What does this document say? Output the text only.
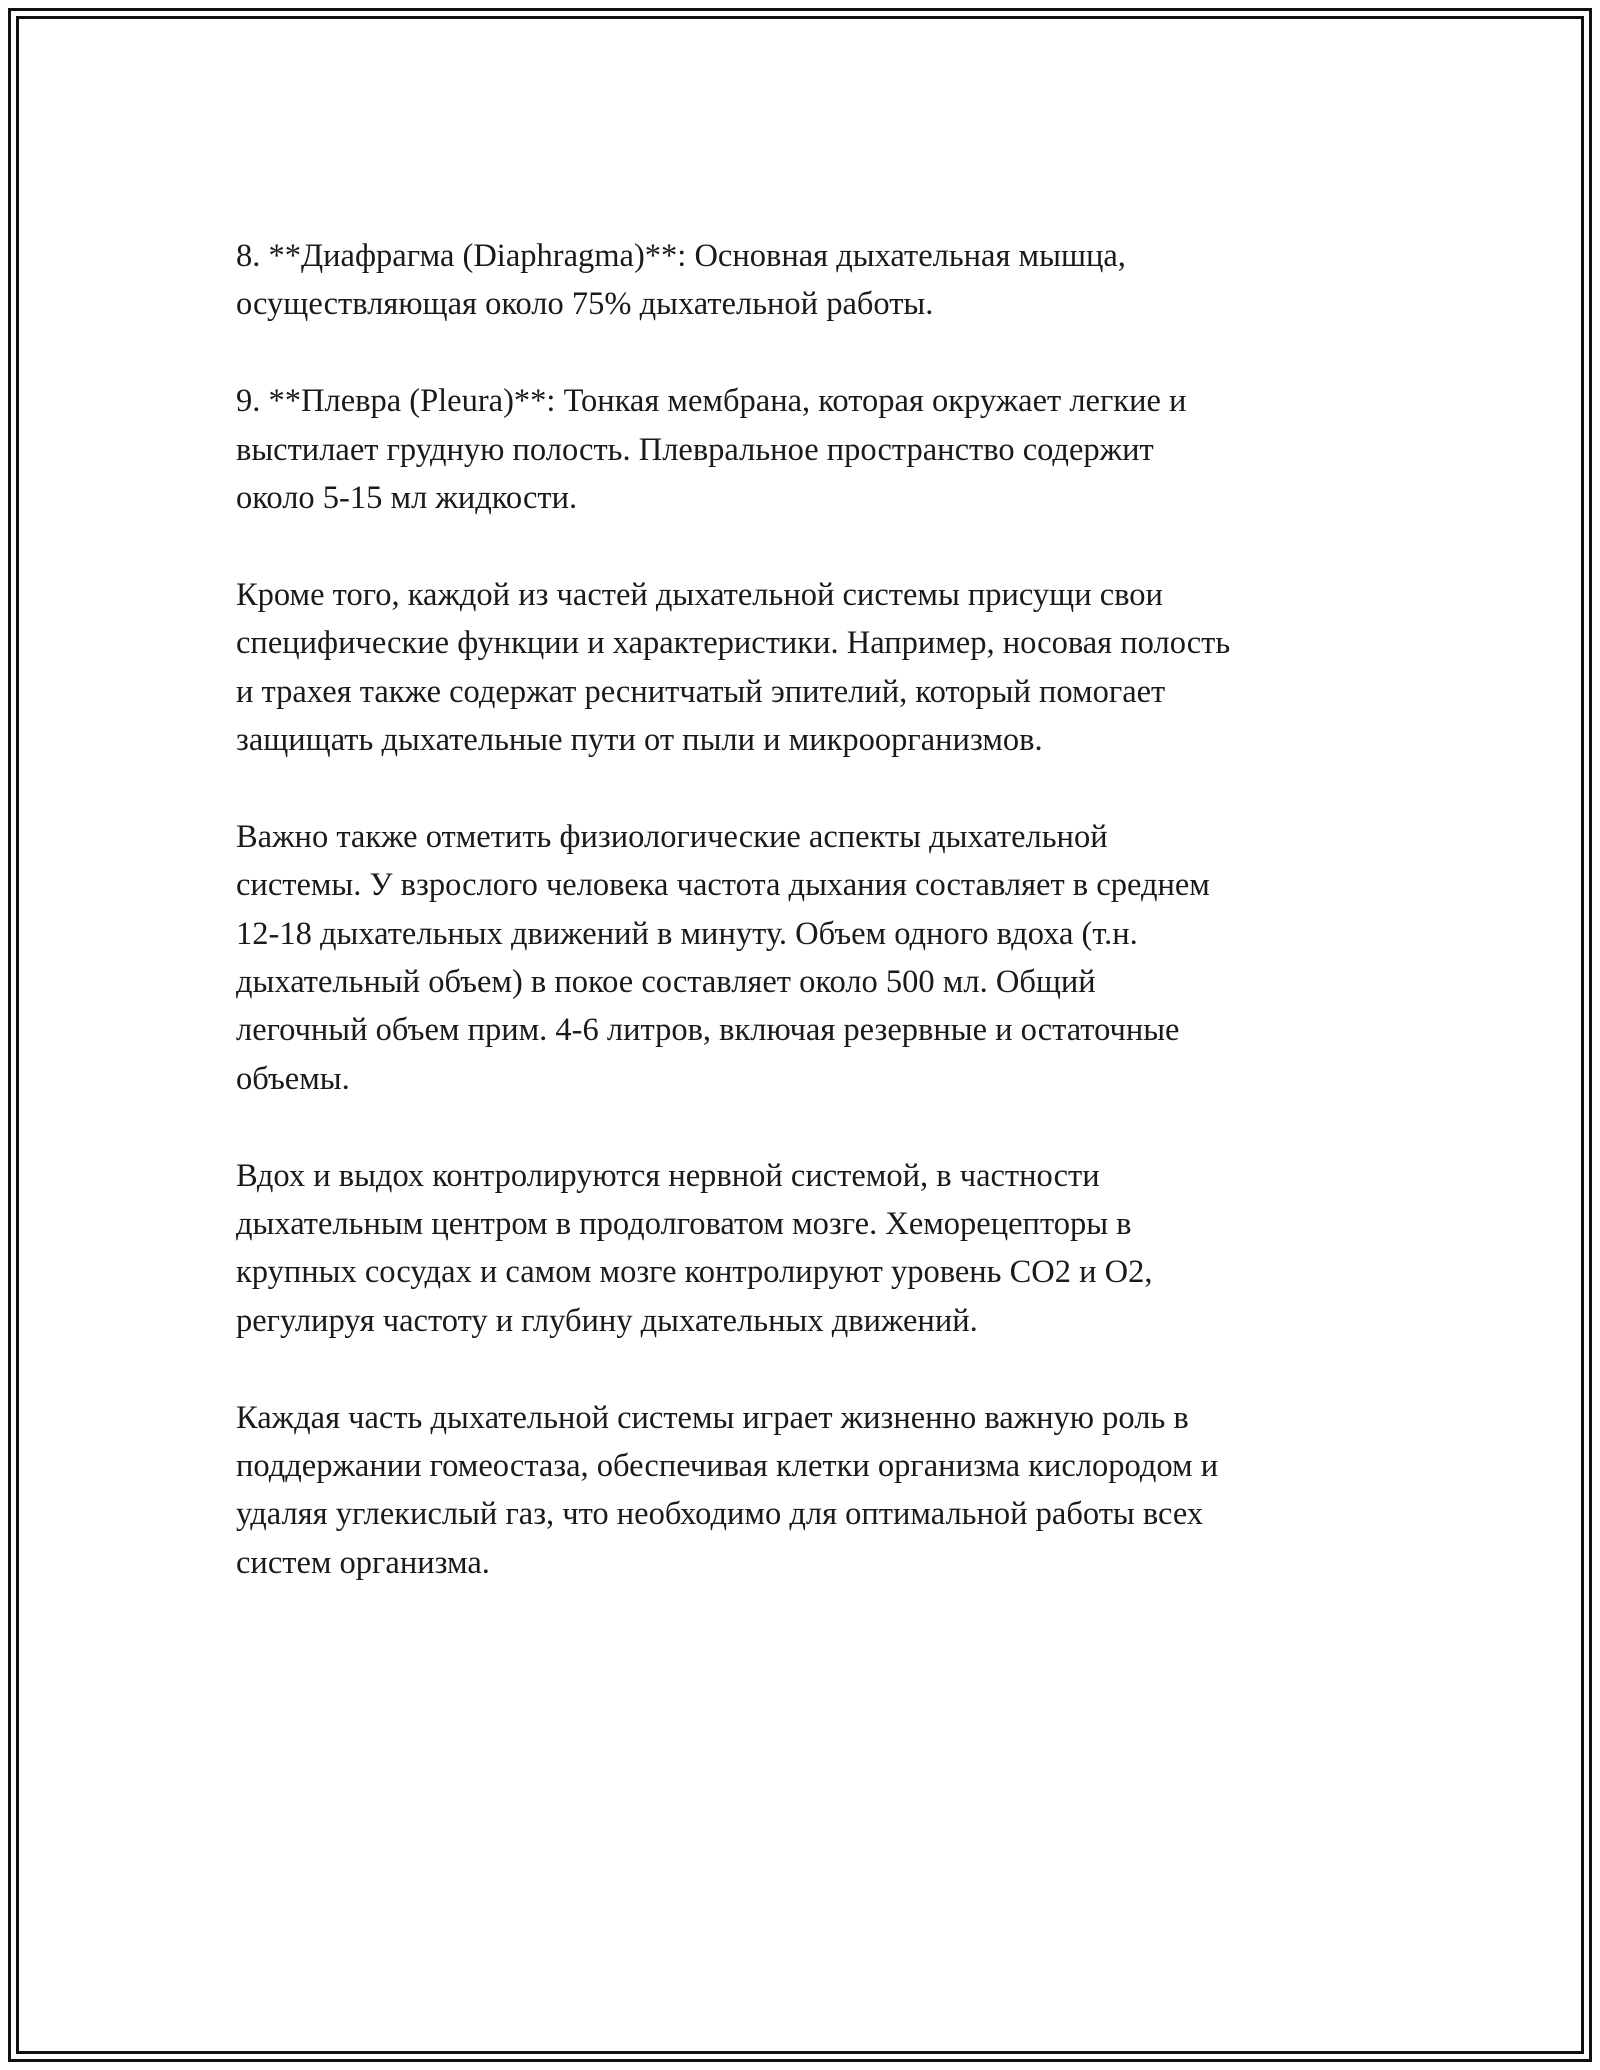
8. **Диафрагма (Diaphragma)**: Основная дыхательная мышца,
осуществляющая около 75% дыхательной работы.

9. **Плевра (Pleura)**: Тонкая мембрана, которая окружает легкие и
выстилает грудную полость. Плевральное пространство содержит
около 5-15 мл жидкости.

Кроме того, каждой из частей дыхательной системы присущи свои
специфические функции и характеристики. Например, носовая полость
и трахея также содержат реснитчатый эпителий, который помогает
защищать дыхательные пути от пыли и микроорганизмов.

Важно также отметить физиологические аспекты дыхательной
системы. У взрослого человека частота дыхания составляет в среднем
12-18 дыхательных движений в минуту. Объем одного вдоха (т.н.
дыхательный объем) в покое составляет около 500 мл. Общий
легочный объем прим. 4-6 литров, включая резервные и остаточные
объемы.

Вдох и выдох контролируются нервной системой, в частности
дыхательным центром в продолговатом мозге. Хеморецепторы в
крупных сосудах и самом мозге контролируют уровень CO2 и O2,
регулируя частоту и глубину дыхательных движений.

Каждая часть дыхательной системы играет жизненно важную роль в
поддержании гомеостаза, обеспечивая клетки организма кислородом и
удаляя углекислый газ, что необходимо для оптимальной работы всех
систем организма.
